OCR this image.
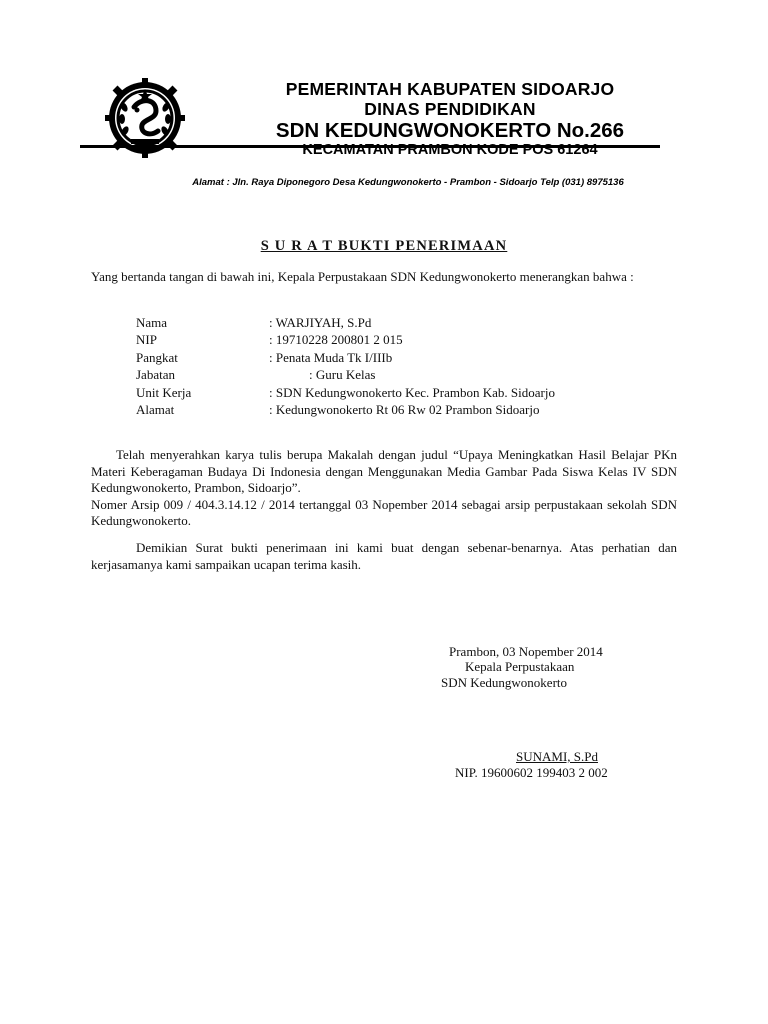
PEMERINTAH KABUPATEN SIDOARJO
DINAS PENDIDIKAN
SDN KEDUNGWONOKERTO No.266
KECAMATAN PRAMBON KODE POS 61264
Alamat : Jln. Raya Diponegoro Desa Kedungwonokerto - Prambon - Sidoarjo Telp (031) 8975136
S U R A T BUKTI PENERIMAAN
Yang bertanda tangan di bawah ini, Kepala Perpustakaan SDN Kedungwonokerto menerangkan bahwa :
Nama	: WARJIYAH, S.Pd
NIP	: 19710228 200801 2 015
Pangkat	: Penata Muda Tk I/IIIb
Jabatan	: Guru Kelas
Unit Kerja	: SDN Kedungwonokerto Kec. Prambon Kab. Sidoarjo
Alamat	: Kedungwonokerto Rt 06 Rw 02 Prambon Sidoarjo
Telah menyerahkan karya tulis berupa Makalah dengan judul “Upaya Meningkatkan Hasil Belajar PKn Materi Keberagaman Budaya Di Indonesia dengan Menggunakan Media Gambar Pada Siswa Kelas IV SDN Kedungwonokerto, Prambon, Sidoarjo”.
Nomer Arsip 009 / 404.3.14.12 / 2014 tertanggal 03 Nopember 2014 sebagai arsip perpustakaan sekolah SDN Kedungwonokerto.
Demikian Surat bukti penerimaan ini kami buat dengan sebenar-benarnya. Atas perhatian dan kerjasamanya kami sampaikan ucapan terima kasih.
Prambon, 03 Nopember 2014
Kepala Perpustakaan
SDN Kedungwonokerto
SUNAMI, S.Pd
NIP. 19600602 199403 2 002
